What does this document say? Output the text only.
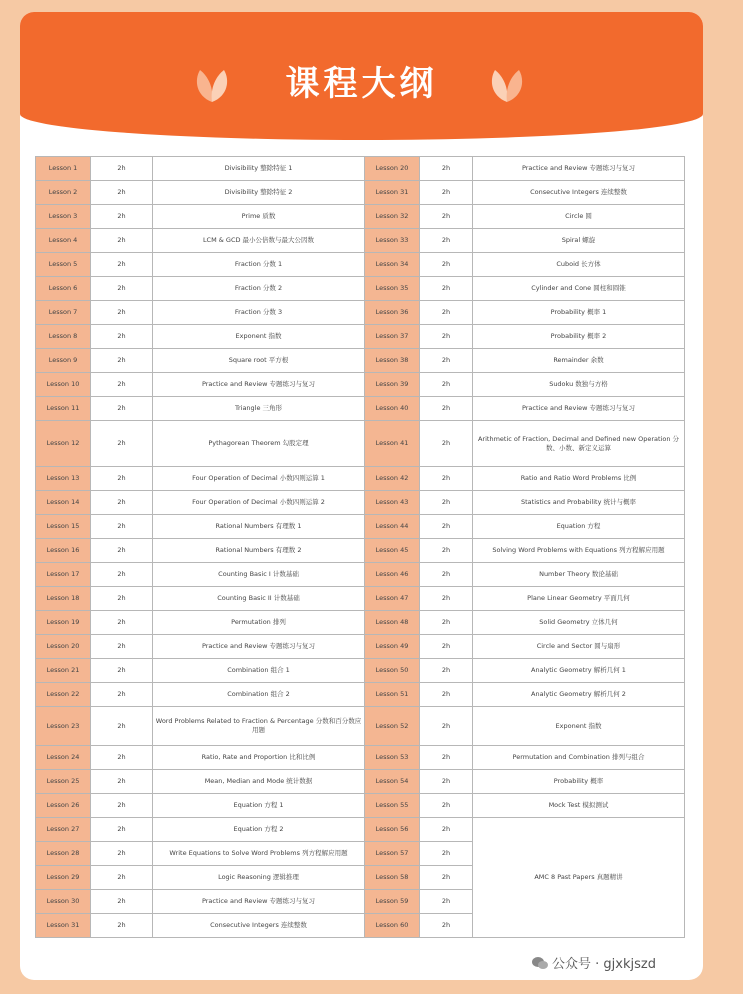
课程大纲
Lesson 1	2h	Divisibility 整除特征 1	Lesson 20	2h	Practice and Review 专题练习与复习
Lesson 2	2h	Divisibility 整除特征 2	Lesson 31	2h	Consecutive Integers 连续整数
Lesson 3	2h	Prime 质数	Lesson 32	2h	Circle 圆
Lesson 4	2h	LCM & GCD 最小公倍数与最大公因数	Lesson 33	2h	Spiral 螺旋
Lesson 5	2h	Fraction 分数 1	Lesson 34	2h	Cuboid 长方体
Lesson 6	2h	Fraction 分数 2	Lesson 35	2h	Cylinder and Cone 圆柱和圆锥
Lesson 7	2h	Fraction 分数 3	Lesson 36	2h	Probability 概率 1
Lesson 8	2h	Exponent 指数	Lesson 37	2h	Probability 概率 2
Lesson 9	2h	Square root 平方根	Lesson 38	2h	Remainder 余数
Lesson 10	2h	Practice and Review 专题练习与复习	Lesson 39	2h	Sudoku 数独与方格
Lesson 11	2h	Triangle 三角形	Lesson 40	2h	Practice and Review 专题练习与复习
Lesson 12	2h	Pythagorean Theorem 勾股定理	Lesson 41	2h	Arithmetic of Fraction, Decimal and Defined new Operation 分数、小数、新定义运算
Lesson 13	2h	Four Operation of Decimal 小数四则运算 1	Lesson 42	2h	Ratio and Ratio Word Problems 比例
Lesson 14	2h	Four Operation of Decimal 小数四则运算 2	Lesson 43	2h	Statistics and Probability 统计与概率
Lesson 15	2h	Rational Numbers 有理数 1	Lesson 44	2h	Equation 方程
Lesson 16	2h	Rational Numbers 有理数 2	Lesson 45	2h	Solving Word Problems with Equations 列方程解应用题
Lesson 17	2h	Counting Basic I 计数基础	Lesson 46	2h	Number Theory 数论基础
Lesson 18	2h	Counting Basic II 计数基础	Lesson 47	2h	Plane Linear Geometry 平面几何
Lesson 19	2h	Permutation 排列	Lesson 48	2h	Solid Geometry 立体几何
Lesson 20	2h	Practice and Review 专题练习与复习	Lesson 49	2h	Circle and Sector 圆与扇形
Lesson 21	2h	Combination 组合 1	Lesson 50	2h	Analytic Geometry 解析几何 1
Lesson 22	2h	Combination 组合 2	Lesson 51	2h	Analytic Geometry 解析几何 2
Lesson 23	2h	Word Problems Related to Fraction & Percentage 分数和百分数应用题	Lesson 52	2h	Exponent 指数
Lesson 24	2h	Ratio, Rate and Proportion 比和比例	Lesson 53	2h	Permutation and Combination 排列与组合
Lesson 25	2h	Mean, Median and Mode 统计数据	Lesson 54	2h	Probability 概率
Lesson 26	2h	Equation 方程 1	Lesson 55	2h	Mock Test 模拟测试
Lesson 27	2h	Equation 方程 2	Lesson 56	2h	AMC 8 Past Papers 真题精讲
Lesson 28	2h	Write Equations to Solve Word Problems 列方程解应用题	Lesson 57	2h	
Lesson 29	2h	Logic Reasoning 逻辑推理	Lesson 58	2h	
Lesson 30	2h	Practice and Review 专题练习与复习	Lesson 59	2h	
Lesson 31	2h	Consecutive Integers 连续整数	Lesson 60	2h	
公众号 · gjxkjszd
